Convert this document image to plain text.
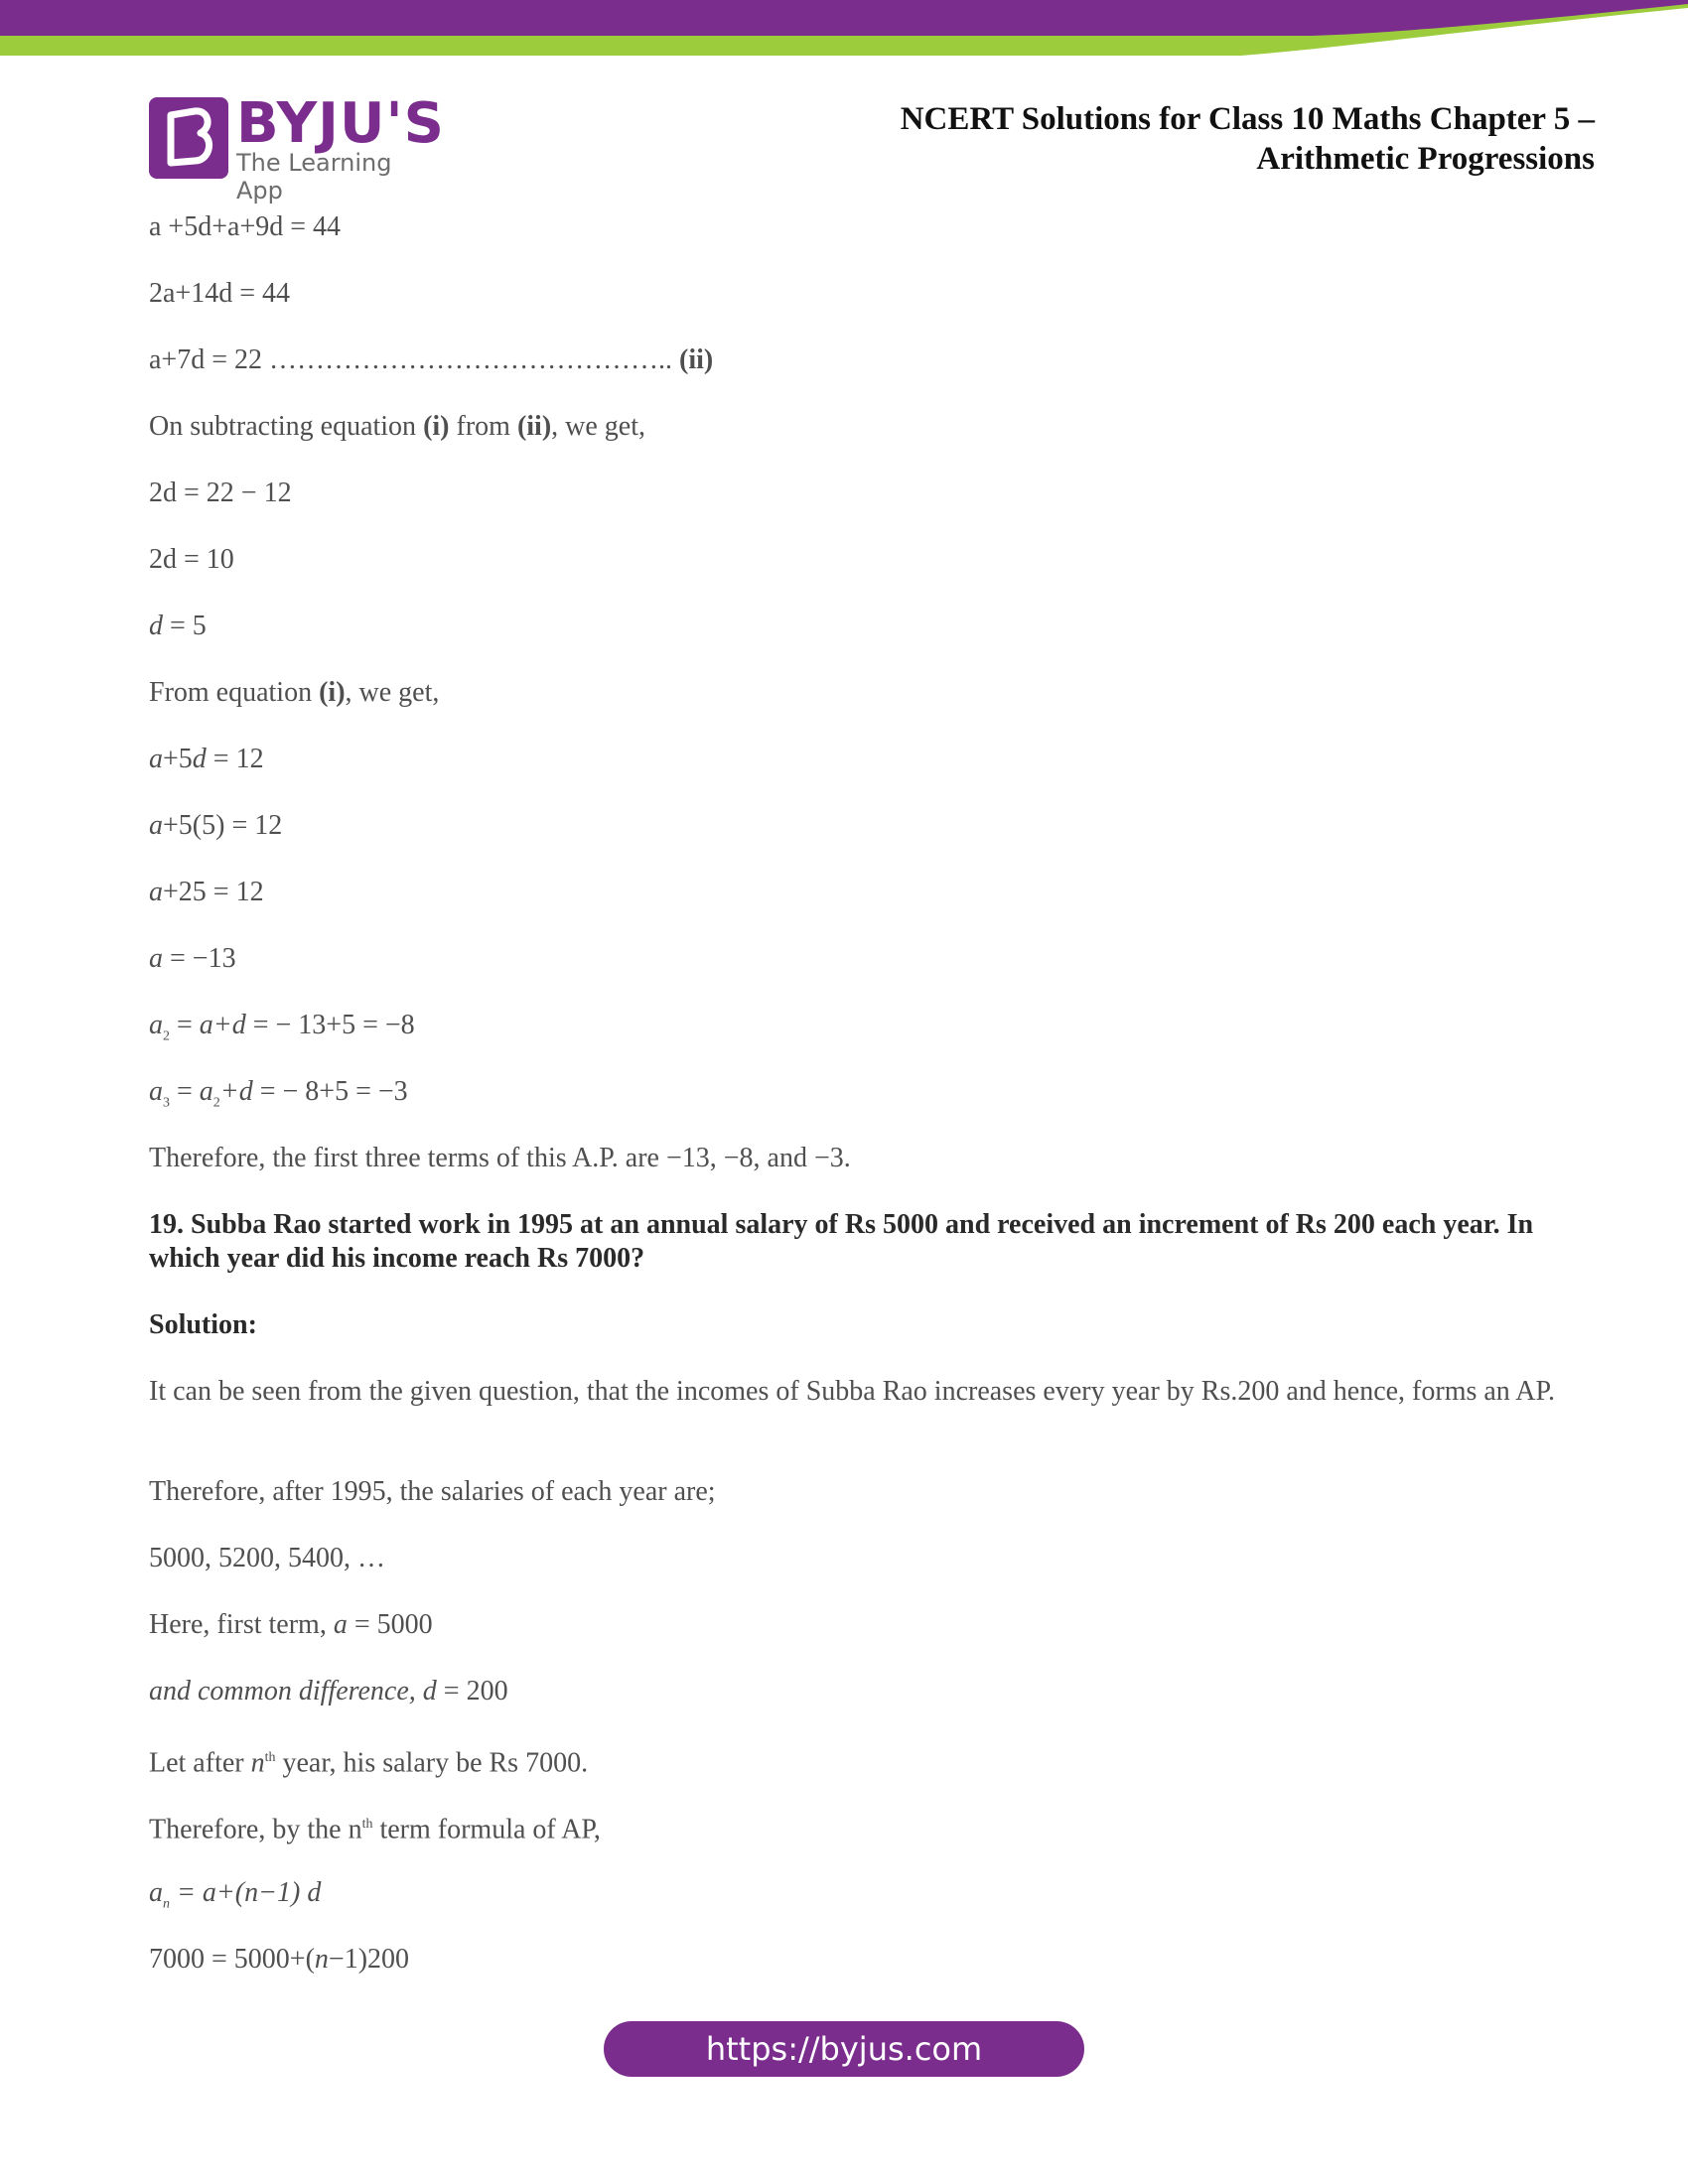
BYJU'S
The Learning App
NCERT Solutions for Class 10 Maths Chapter 5 –
Arithmetic Progressions
a +5d+a+9d = 44
2a+14d = 44
a+7d = 22 …………………………………….. (ii)
On subtracting equation (i) from (ii), we get,
2d = 22 − 12
2d = 10
d = 5
From equation (i), we get,
a+5d = 12
a+5(5) = 12
a+25 = 12
a = −13
$a_2 = a+d$ = − 13+5 = −8
$a_3 = a_2+d$ = − 8+5 = −3
Therefore, the first three terms of this A.P. are −13, −8, and −3.
19. Subba Rao started work in 1995 at an annual salary of Rs 5000 and received an increment of Rs 200 each year. In which year did his income reach Rs 7000?
Solution:
It can be seen from the given question, that the incomes of Subba Rao increases every year by Rs.200 and hence, forms an AP.
Therefore, after 1995, the salaries of each year are;
5000, 5200, 5400, …
Here, first term, a = 5000
and common difference, d = 200
Let after $n^{th}$ year, his salary be Rs 7000.
Therefore, by the $n^{th}$ term formula of AP,
$a_n = a+(n-1)$ d
7000 = 5000+(n−1)200
https://byjus.com
